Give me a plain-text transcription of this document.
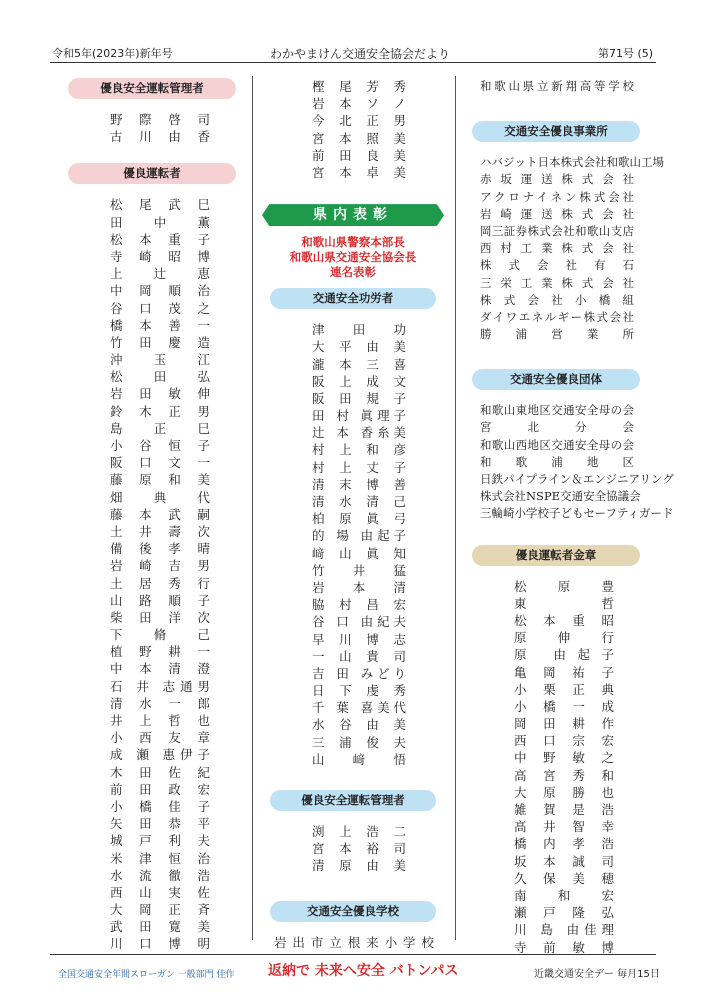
令和5年(2023年)新年号	わかやまけん交通安全協会だより	第71号 (5)
優良安全運転管理者
野 際 啓 司
古 川 由 香
優良運転者
松 尾 武 巳
田 中 薫
松 本 重 子
寺 崎 昭 博
上 辻 恵
中 岡 順 治
谷 口 茂 之
橋 本 善 一
竹 田 慶 造
沖 玉 江
松 田 弘
岩 田 敏 伸
鈴 木 正 男
島 正 巳
小 谷 恒 子
阪 口 文 一
藤 原 和 美
畑 典 代
藤 本 武 嗣
土 井 壽 次
備 後 孝 晴
岩 崎 吉 男
土 居 秀 行
山 路 順 子
柴 田 洋 次
下 脩 己
植 野 耕 一
中 本 清 澄
石 井 志通男
清 水 一 郎
井 上 哲 也
小 西 友 章
成 瀬 惠伊子
木 田 佐 紀
前 田 政 宏
小 橋 佳 子
矢 田 恭 平
城 戸 利 夫
米 津 恒 治
水 流 徹 浩
西 山 実 佐
大 岡 正 斉
武 田 寛 美
川 口 博 明
樫 尾 芳 秀
岩 本 ソ ノ
今 北 正 男
宮 本 照 美
前 田 良 美
宮 本 卓 美
県内表彰
和歌山県警察本部長
和歌山県交通安全協会長
連名表彰
交通安全功労者
津 田 功
大 平 由 美
瀧 本 三 喜
阪 上 成 文
阪 田 規 子
田 村 眞理子
辻 本 香糸美
村 上 和 彦
村 上 丈 子
清 末 博 善
清 水 清 己
柏 原 眞 弓
的 場 由起子
﨑 山 眞 知
竹 井 猛
岩 本 清
脇 村 昌 宏
谷 口 由紀夫
早 川 博 志
一 山 貴 司
吉 田 みどり
日 下 虔 秀
千 葉 喜美代
水 谷 由 美
三 浦 俊 夫
山 﨑 悟
優良安全運転管理者
渕 上 浩 二
宮 本 裕 司
清 原 由 美
交通安全優良学校
岩出市立根来小学校
和歌山県立新翔高等学校
交通安全優良事業所
ハバジット日本株式会社和歌山工場
赤坂運送株式会社
アクロナイネン株式会社
岩崎運送株式会社
岡三証券株式会社和歌山支店
西村工業株式会社
株式会社有石
三栄工業株式会社
株式会社小橋組
ダイワエネルギー株式会社
勝浦営業所
交通安全優良団体
和歌山東地区交通安全母の会
宮北分会
和歌山西地区交通安全母の会
和歌浦地区
日鉄パイプライン＆エンジニアリング
株式会社NSPE交通安全協議会
三輪崎小学校子どもセーフティガード
優良運転者金章
松 原 豊
東 哲
松 本 重 昭
原 伸 行
原 由起子
亀 岡 祐 子
小 栗 正 典
小 橋 一 成
岡 田 耕 作
西 口 宗 宏
中 野 敏 之
高 宮 秀 和
大 原 勝 也
雑 賀 是 浩
高 井 智 幸
橋 内 孝 浩
坂 本 誠 司
久 保 美 穂
南 和 宏
瀬 戸 隆 弘
川 島 由佳理
寺 前 敏 博
全国交通安全年間スローガン 一般部門 佳作 返納で 未来へ安全 バトンパス	近畿交通安全デー 毎月15日
